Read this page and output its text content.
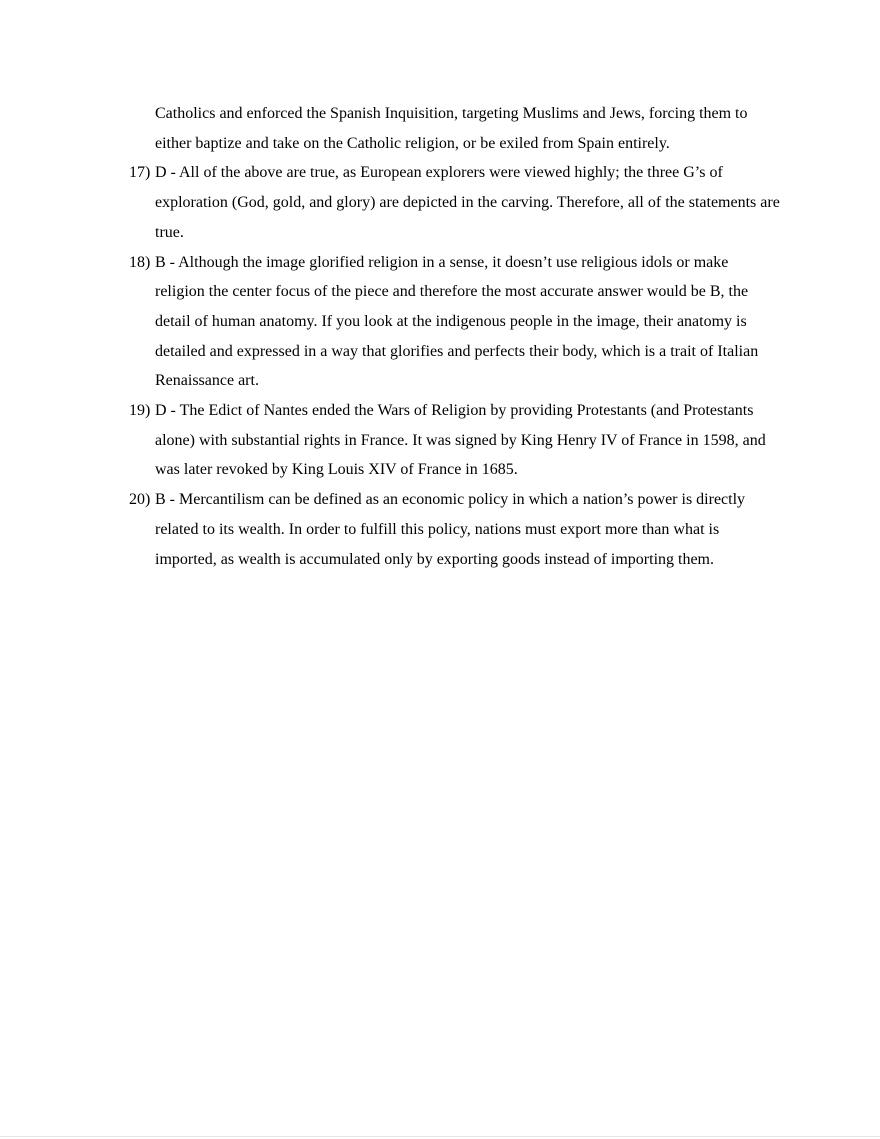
Catholics and enforced the Spanish Inquisition, targeting Muslims and Jews, forcing them to either baptize and take on the Catholic religion, or be exiled from Spain entirely.

17) D - All of the above are true, as European explorers were viewed highly; the three G’s of exploration (God, gold, and glory) are depicted in the carving. Therefore, all of the statements are true.
18) B - Although the image glorified religion in a sense, it doesn’t use religious idols or make religion the center focus of the piece and therefore the most accurate answer would be B, the detail of human anatomy. If you look at the indigenous people in the image, their anatomy is detailed and expressed in a way that glorifies and perfects their body, which is a trait of Italian Renaissance art.
19) D - The Edict of Nantes ended the Wars of Religion by providing Protestants (and Protestants alone) with substantial rights in France. It was signed by King Henry IV of France in 1598, and was later revoked by King Louis XIV of France in 1685.
20) B - Mercantilism can be defined as an economic policy in which a nation’s power is directly related to its wealth. In order to fulfill this policy, nations must export more than what is imported, as wealth is accumulated only by exporting goods instead of importing them.
